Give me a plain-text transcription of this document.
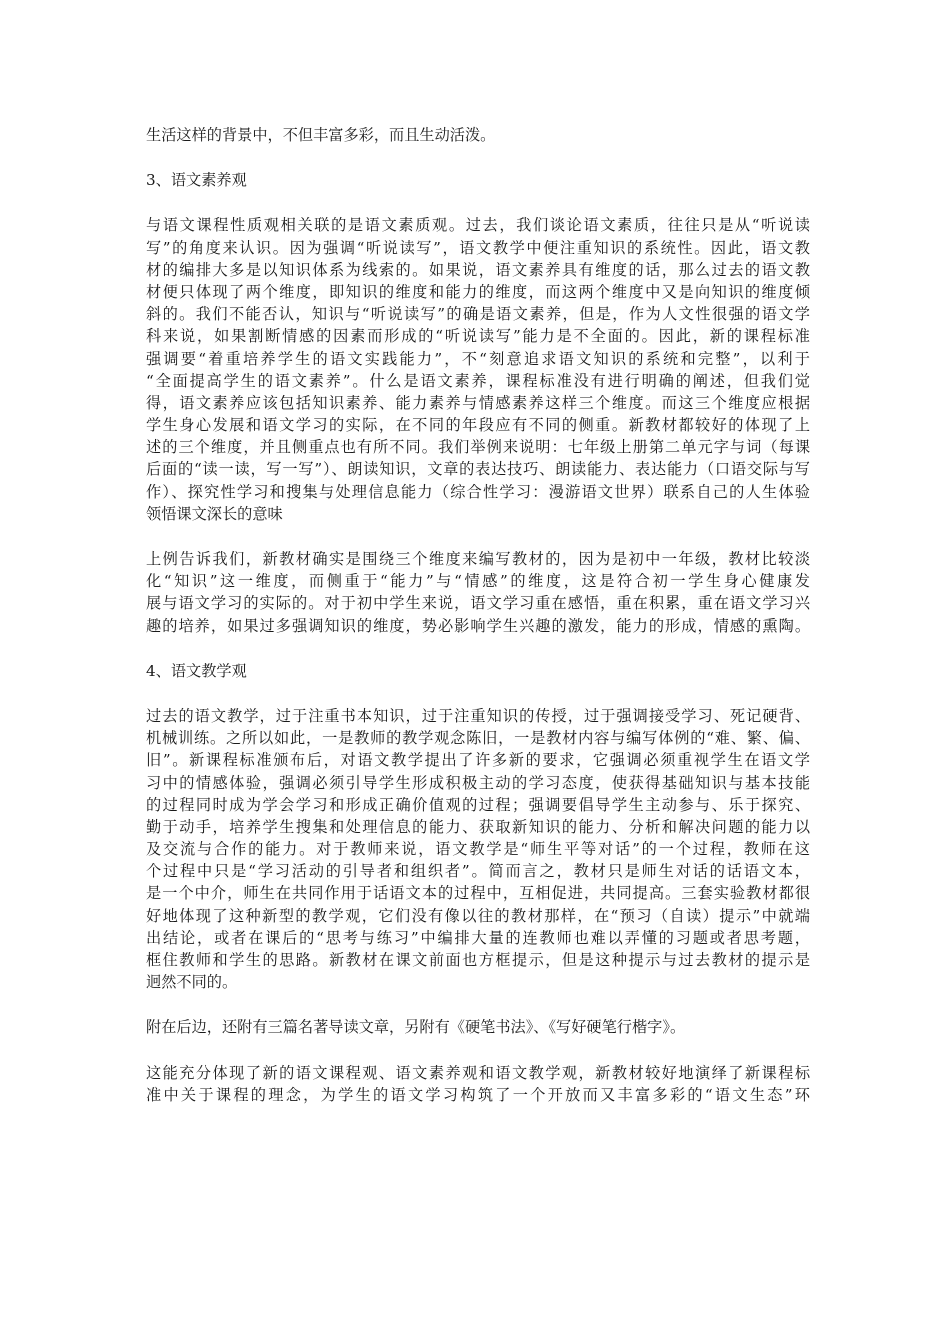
生活这样的背景中，不但丰富多彩，而且生动活泼。
3、语文素养观
与语文课程性质观相关联的是语文素质观。过去，我们谈论语文素质，往往只是从“听说读
写”的角度来认识。因为强调“听说读写”，语文教学中便注重知识的系统性。因此，语文教
材的编排大多是以知识体系为线索的。如果说，语文素养具有维度的话，那么过去的语文教
材便只体现了两个维度，即知识的维度和能力的维度，而这两个维度中又是向知识的维度倾
斜的。我们不能否认，知识与“听说读写”的确是语文素养，但是，作为人文性很强的语文学
科来说，如果割断情感的因素而形成的“听说读写”能力是不全面的。因此，新的课程标准
强调要“着重培养学生的语文实践能力”，不“刻意追求语文知识的系统和完整”，以利于
“全面提高学生的语文素养”。什么是语文素养，课程标准没有进行明确的阐述，但我们觉
得，语文素养应该包括知识素养、能力素养与情感素养这样三个维度。而这三个维度应根据
学生身心发展和语文学习的实际，在不同的年段应有不同的侧重。新教材都较好的体现了上
述的三个维度，并且侧重点也有所不同。我们举例来说明：七年级上册第二单元字与词（每课
后面的“读一读，写一写”）、朗读知识，文章的表达技巧、朗读能力、表达能力（口语交际与写
作）、探究性学习和搜集与处理信息能力（综合性学习：漫游语文世界）联系自己的人生体验
领悟课文深长的意味
上例告诉我们，新教材确实是围绕三个维度来编写教材的，因为是初中一年级，教材比较淡
化“知识”这一维度，而侧重于“能力”与“情感”的维度，这是符合初一学生身心健康发
展与语文学习的实际的。对于初中学生来说，语文学习重在感悟，重在积累，重在语文学习兴
趣的培养，如果过多强调知识的维度，势必影响学生兴趣的激发，能力的形成，情感的熏陶。
4、语文教学观
过去的语文教学，过于注重书本知识，过于注重知识的传授，过于强调接受学习、死记硬背、
机械训练。之所以如此，一是教师的教学观念陈旧，一是教材内容与编写体例的“难、繁、偏、
旧”。新课程标准颁布后，对语文教学提出了许多新的要求，它强调必须重视学生在语文学
习中的情感体验，强调必须引导学生形成积极主动的学习态度，使获得基础知识与基本技能
的过程同时成为学会学习和形成正确价值观的过程；强调要倡导学生主动参与、乐于探究、
勤于动手，培养学生搜集和处理信息的能力、获取新知识的能力、分析和解决问题的能力以
及交流与合作的能力。对于教师来说，语文教学是“师生平等对话”的一个过程，教师在这
个过程中只是“学习活动的引导者和组织者”。简而言之，教材只是师生对话的话语文本，
是一个中介，师生在共同作用于话语文本的过程中，互相促进，共同提高。三套实验教材都很
好地体现了这种新型的教学观，它们没有像以往的教材那样，在“预习（自读）提示”中就端
出结论，或者在课后的“思考与练习”中编排大量的连教师也难以弄懂的习题或者思考题，
框住教师和学生的思路。新教材在课文前面也方框提示，但是这种提示与过去教材的提示是
迥然不同的。
附在后边，还附有三篇名著导读文章，另附有《硬笔书法》、《写好硬笔行楷字》。
这能充分体现了新的语文课程观、语文素养观和语文教学观，新教材较好地演绎了新课程标
准中关于课程的理念，为学生的语文学习构筑了一个开放而又丰富多彩的“语文生态”环
